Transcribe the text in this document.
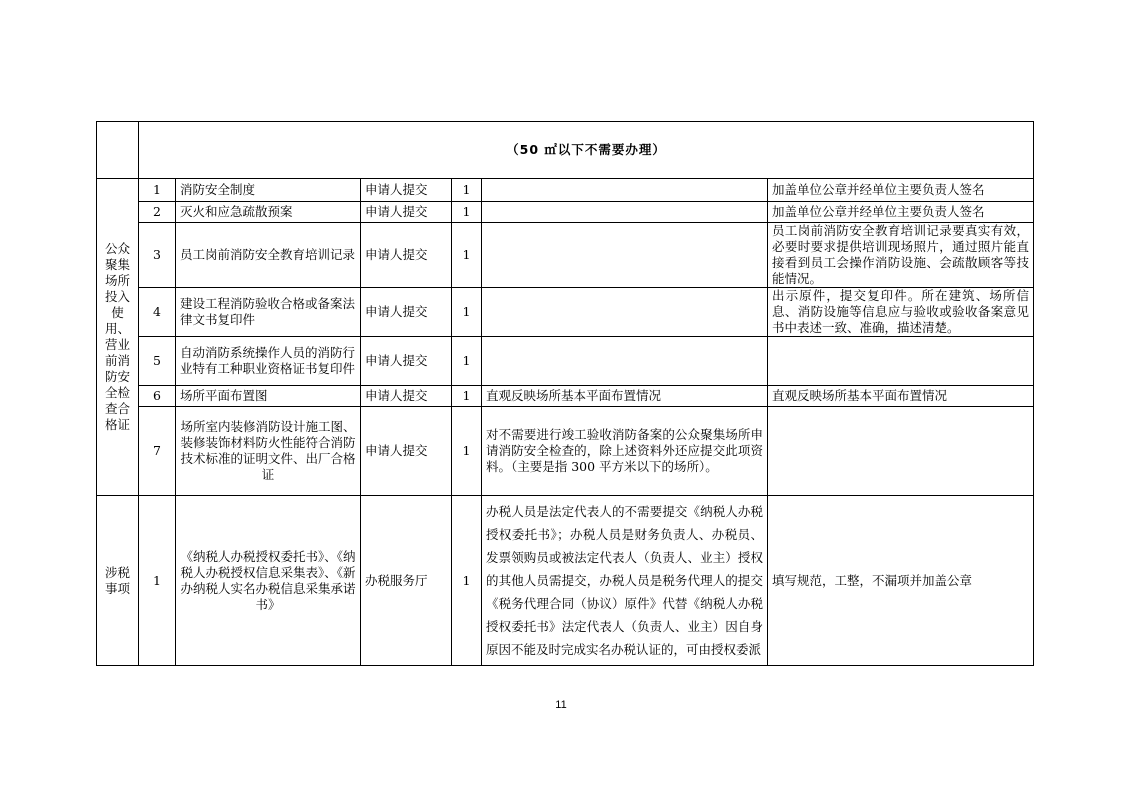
	（50 ㎡以下不需要办理）					
公众聚集场所投入使用、营业前消防安全检查合格证	1	消防安全制度	申请人提交	1		加盖单位公章并经单位主要负责人签名
	2	灭火和应急疏散预案	申请人提交	1		加盖单位公章并经单位主要负责人签名
	3	员工岗前消防安全教育培训记录	申请人提交	1		员工岗前消防安全教育培训记录要真实有效，必要时要求提供培训现场照片，通过照片能直接看到员工会操作消防设施、会疏散顾客等技能情况。
	4	建设工程消防验收合格或备案法律文书复印件	申请人提交	1		出示原件，提交复印件。所在建筑、场所信息、消防设施等信息应与验收或验收备案意见书中表述一致、准确，描述清楚。
	5	自动消防系统操作人员的消防行业特有工种职业资格证书复印件	申请人提交	1		
	6	场所平面布置图	申请人提交	1	直观反映场所基本平面布置情况	直观反映场所基本平面布置情况
	7	场所室内装修消防设计施工图、装修装饰材料防火性能符合消防技术标准的证明文件、出厂合格证	申请人提交	1	对不需要进行竣工验收消防备案的公众聚集场所申请消防安全检查的，除上述资料外还应提交此项资料。（主要是指 300 平方米以下的场所）。	
涉税事项	1	《纳税人办税授权委托书》、《纳税人办税授权信息采集表》、《新办纳税人实名办税信息采集承诺书》	办税服务厅	1	办税人员是法定代表人的不需要提交《纳税人办税授权委托书》；办税人员是财务负责人、办税员、发票领购员或被法定代表人（负责人、业主）授权的其他人员需提交，办税人员是税务代理人的提交《税务代理合同（协议）原件》代替《纳税人办税授权委托书》法定代表人（负责人、业主）因自身原因不能及时完成实名办税认证的，可由授权委派	填写规范，工整，不漏项并加盖公章
11
